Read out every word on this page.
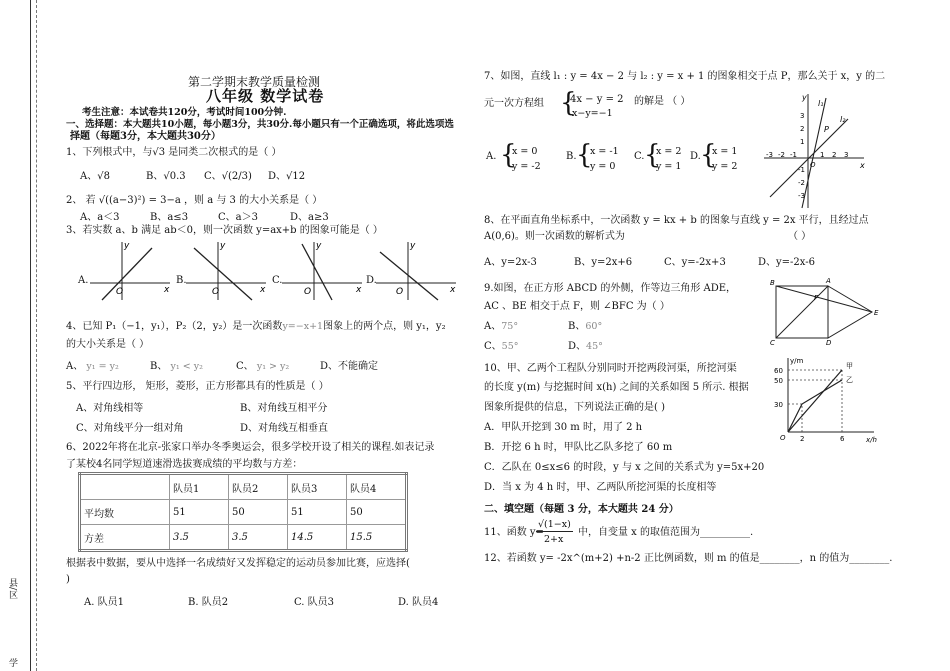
县/区
学
第二学期末教学质量检测
八年级 数学试卷
考生注意：本试卷共120分，考试时间100分钟.
一、选择题：本大题共10小题，每小题3分，共30分.每小题只有一个正确选项，将此选项选
择题（每题3分，本大题共30分）
1、下列根式中，与√3 是同类二次根式的是（ ）
A、√8	B、√0.3 C、√(2/3) D、√12
2、 若 √((a−3)²) = 3−a ，则 a 与 3 的大小关系是（ ）
A、a＜3	B、a≤3	C、a＞3	D、a≥3
3、若实数 a、b 满足 ab＜0，则一次函数 y=ax+b 的图象可能是（ ）
A.	B.	C.	D.
O	x
y
O	x
y
O	x
y
O	x
y
4、已知 P₁（−1，y₁），P₂（2，y₂）是一次函数y=−x+1图象上的两个点，则 y₁，y₂
的大小关系是（ ）
A、 y₁ = y₂	B、 y₁ < y₂	C、 y₁ > y₂	D、不能确定
5、平行四边形， 矩形，菱形，正方形都具有的性质是（ ）
A、对角线相等	B、对角线互相平分
C、对角线平分一组对角	D、对角线互相垂直
6、2022年将在北京-张家口举办冬季奥运会，很多学校开设了相关的课程.如表记录
了某校4名同学短道速滑选拔赛成绩的平均数与方差：
	队员1	队员2	队员3	队员4
平均数	51	50	51	50
方差	3.5	3.5	14.5	15.5
根据表中数据，要从中选择一名成绩好又发挥稳定的运动员参加比赛，应选择(
)
A. 队员1	B. 队员2	C. 队员3	D. 队员4
7、如图，直线 l₁ : y = 4x − 2 与 l₂ : y = x + 1 的图象相交于点 P，那么关于 x，y 的二
元一次方程组 {
4x − y = 2
x−y=−1
的解是 （ ）
A. {
x = 0
y = -2
B. {
x = -1
y = 0
C. {
x = 2
y = 1
D. {
x = 1
y = 2
y
x
l₁
l₂
P
O
3
2
1
-1
-2
-3
-3 -2 -1	1 2 3
8、在平面直角坐标系中，一次函数 y = kx + b 的图象与直线 y = 2x 平行，且经过点
A(0,6)。则一次函数的解析式为	（ ）
A、y=2x-3	B、y=2x+6	C、y=-2x+3	D、y=-2x-6
9.如图，在正方形 ABCD 的外侧，作等边三角形 ADE，
AC 、BE 相交于点 F，则 ∠BFC 为（ ）
A、75°	B、60°
C、55°	D、45°
A
B
C	D
E
F
10、甲、乙两个工程队分别同时开挖两段河渠，所挖河渠
的长度 y(m) 与挖掘时间 x(h) 之间的关系如图 5 所示. 根据
图象所提供的信息，下列说法正确的是( )
A．甲队开挖到 30 m 时，用了 2 h
B．开挖 6 h 时，甲队比乙队多挖了 60 m
C．乙队在 0≤x≤6 的时段，y 与 x 之间的关系式为 y=5x+20
D．当 x 为 4 h 时，甲、乙两队所挖河渠的长度相等
y/m
x/h
甲
乙
O
60
50
30
2	6
二、填空题（每题 3 分，本大题共 24 分）
11、函数 y=
√(1−x)
2+x
中，自变量 x 的取值范围为__________.
12、若函数 y= -2x^(m+2) +n-2 正比例函数，则 m 的值是________，n 的值为________.
